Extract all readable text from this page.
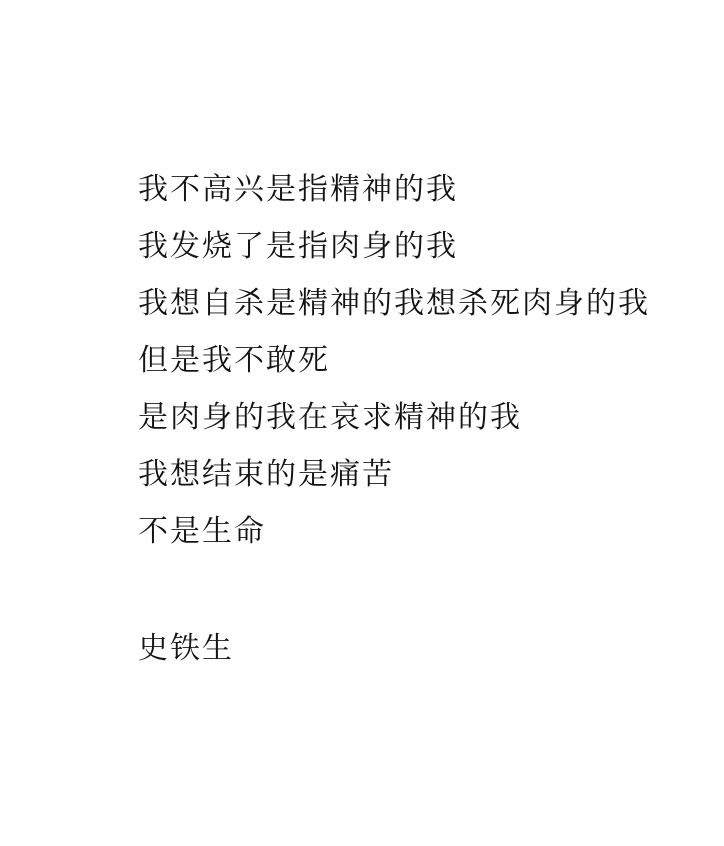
我不高兴是指精神的我

我发烧了是指肉身的我

我想自杀是精神的我想杀死肉身的我

但是我不敢死

是肉身的我在哀求精神的我

我想结束的是痛苦

不是生命

史铁生
